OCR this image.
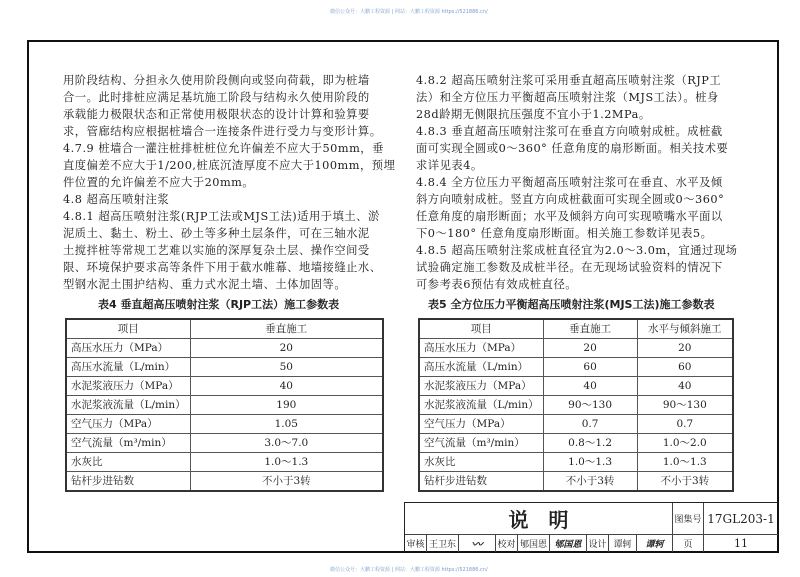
微信公众号：大鹏工程资源 | 网站：大鹏工程资源 https://521886.cn/

用阶段结构、分担永久使用阶段侧向或竖向荷载，即为桩墙

合一。此时排桩应满足基坑施工阶段与结构永久使用阶段的

承载能力极限状态和正常使用极限状态的设计计算和验算要

求，管廊结构应根据桩墙合一连接条件进行受力与变形计算。

4.7.9 桩墙合一灌注桩排桩桩位允许偏差不应大于50mm，垂

直度偏差不应大于1/200,桩底沉渣厚度不应大于100mm，预埋

件位置的允许偏差不应大于20mm。

4.8 超高压喷射注浆

4.8.1 超高压喷射注浆(RJP工法或MJS工法)适用于填土、淤

泥质土、黏土、粉土、砂土等多种土层条件，可在三轴水泥

土搅拌桩等常规工艺难以实施的深厚复杂土层、操作空间受

限、环境保护要求高等条件下用于截水帷幕、地墙接缝止水、

型钢水泥土围护结构、重力式水泥土墙、土体加固等。

4.8.2 超高压喷射注浆可采用垂直超高压喷射注浆（RJP工

法）和全方位压力平衡超高压喷射注浆（MJS工法）。桩身

28d龄期无侧限抗压强度不宜小于1.2MPa。

4.8.3 垂直超高压喷射注浆可在垂直方向喷射成桩。成桩截

面可实现全圆或0～360° 任意角度的扇形断面。相关技术要

求详见表4。

4.8.4 全方位压力平衡超高压喷射注浆可在垂直、水平及倾

斜方向喷射成桩。竖直方向成桩截面可实现全圆或0～360°

任意角度的扇形断面；水平及倾斜方向可实现喷嘴水平面以

下0～180° 任意角度扇形断面。相关施工参数详见表5。

4.8.5 超高压喷射注浆成桩直径宜为2.0～3.0m，宜通过现场

试验确定施工参数及成桩半径。在无现场试验资料的情况下

可参考表6预估有效成桩直径。

表4 垂直超高压喷射注浆（RJP工法）施工参数表
项目	垂直施工
高压水压力（MPa）	20
高压水流量（L/min）	50
水泥浆液压力（MPa）	40
水泥浆液流量（L/min）	190
空气压力（MPa）	1.05
空气流量（m³/min）	3.0～7.0
水灰比	1.0～1.3
钻杆步进钻数	不小于3转
表5 全方位压力平衡超高压喷射注浆(MJS工法)施工参数表
项目	垂直施工	水平与倾斜施工
高压水压力（MPa）	20	20
高压水流量（L/min）	60	60
水泥浆液压力（MPa）	40	40
水泥浆液流量（L/min）	90～130	90～130
空气压力（MPa）	0.7	0.7
空气流量（m³/min）	0.8～1.2	1.0～2.0
水灰比	1.0～1.3	1.0～1.3
钻杆步进钻数	不小于3转	不小于3转
说　明	图集号 17GL203-1
审核 王卫东 〰 校对 郇国恩 郇国恩 设计 谭轲 谭轲 页	11
微信公众号：大鹏工程资源 | 网站：大鹏工程资源 https://521886.cn/
